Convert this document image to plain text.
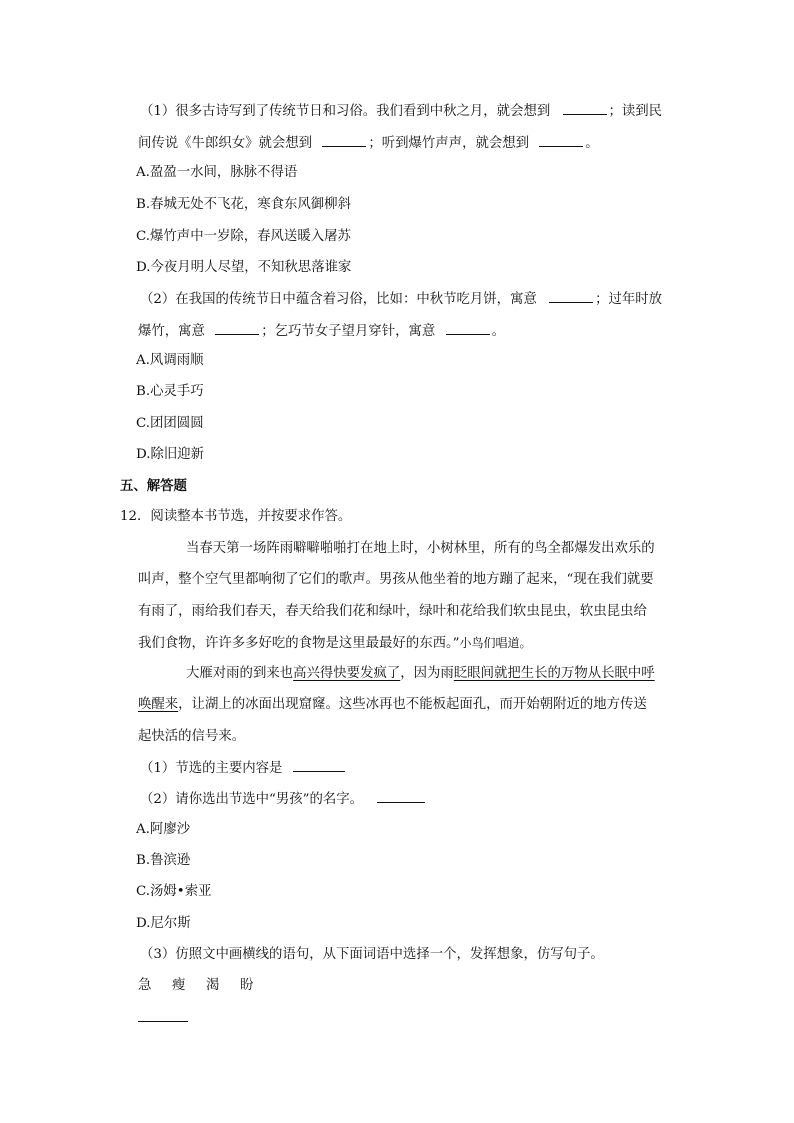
（1）很多古诗写到了传统节日和习俗。我们看到中秋之月，就会想到	；读到民
间传说《牛郎织女》就会想到	；听到爆竹声声，就会想到	。
A.盈盈一水间，脉脉不得语
B.春城无处不飞花，寒食东风御柳斜
C.爆竹声中一岁除，春风送暖入屠苏
D.今夜月明人尽望，不知秋思落谁家
（2）在我国的传统节日中蕴含着习俗，比如：中秋节吃月饼，寓意	；过年时放
爆竹，寓意	；乞巧节女子望月穿针，寓意	。
A.风调雨顺
B.心灵手巧
C.团团圆圆
D.除旧迎新
五、解答题
12．阅读整本书节选，并按要求作答。
当春天第一场阵雨噼噼啪啪打在地上时，小树林里，所有的鸟全都爆发出欢乐的
叫声，整个空气里都响彻了它们的歌声。男孩从他坐着的地方蹦了起来，“现在我们就要
有雨了，雨给我们春天，春天给我们花和绿叶，绿叶和花给我们软虫昆虫，软虫昆虫给
我们食物，许许多多好吃的食物是这里最最好的东西。”小鸟们唱道。
大雁对雨的到来也高兴得快要发疯了，因为雨眨眼间就把生长的万物从长眠中呼
唤醒来，让湖上的冰面出现窟窿。这些冰再也不能板起面孔，而开始朝附近的地方传送
起快活的信号来。
（1）节选的主要内容是
（2）请你选出节选中“男孩”的名字。
A.阿廖沙
B.鲁滨逊
C.汤姆•索亚
D.尼尔斯
（3）仿照文中画横线的语句，从下面词语中选择一个，发挥想象，仿写句子。
急 瘦 渴 盼
